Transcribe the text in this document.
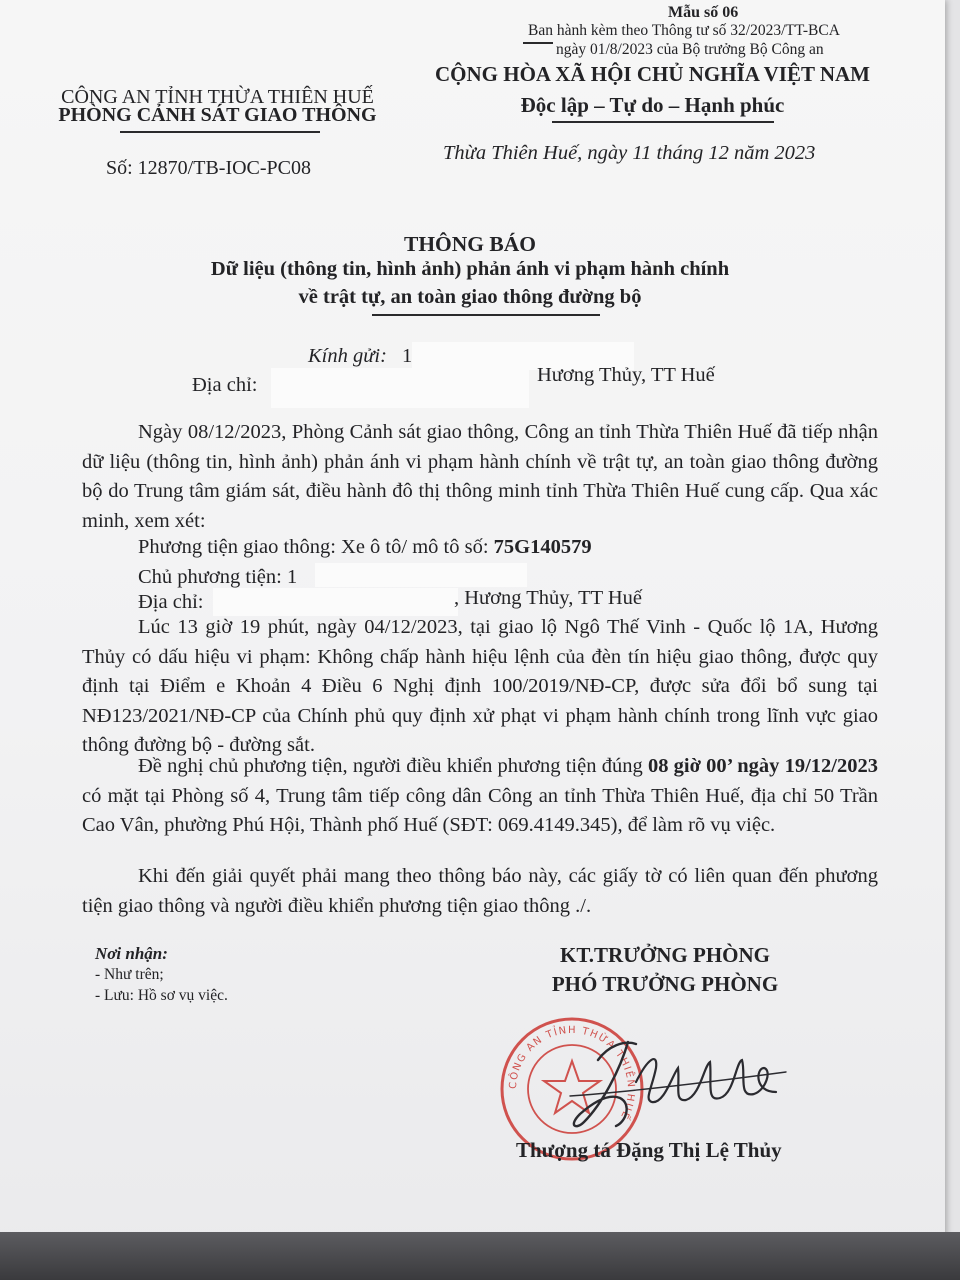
Mẫu số 06
Ban hành kèm theo Thông tư số 32/2023/TT-BCA
ngày 01/8/2023 của Bộ trưởng Bộ Công an
CÔNG AN TỈNH THỪA THIÊN HUẾ
PHÒNG CẢNH SÁT GIAO THÔNG
Số: 12870/TB-IOC-PC08
CỘNG HÒA XÃ HỘI CHỦ NGHĨA VIỆT NAM
Độc lập – Tự do – Hạnh phúc
Thừa Thiên Huế, ngày 11 tháng 12 năm 2023
THÔNG BÁO
Dữ liệu (thông tin, hình ảnh) phản ánh vi phạm hành chính
về trật tự, an toàn giao thông đường bộ
Kính gửi: 1
Địa chỉ:	Hương Thủy, TT Huế
Ngày 08/12/2023, Phòng Cảnh sát giao thông, Công an tỉnh Thừa Thiên Huế đã tiếp nhận dữ liệu (thông tin, hình ảnh) phản ánh vi phạm hành chính về trật tự, an toàn giao thông đường bộ do Trung tâm giám sát, điều hành đô thị thông minh tỉnh Thừa Thiên Huế cung cấp. Qua xác minh, xem xét:
Phương tiện giao thông: Xe ô tô/ mô tô số: 75G140579
Chủ phương tiện: 1
Địa chỉ:	, Hương Thủy, TT Huế
Lúc 13 giờ 19 phút, ngày 04/12/2023, tại giao lộ Ngô Thế Vinh - Quốc lộ 1A, Hương Thủy có dấu hiệu vi phạm: Không chấp hành hiệu lệnh của đèn tín hiệu giao thông, được quy định tại Điểm e Khoản 4 Điều 6 Nghị định 100/2019/NĐ-CP, được sửa đổi bổ sung tại NĐ123/2021/NĐ-CP của Chính phủ quy định xử phạt vi phạm hành chính trong lĩnh vực giao thông đường bộ - đường sắt.
Đề nghị chủ phương tiện, người điều khiển phương tiện đúng 08 giờ 00’ ngày 19/12/2023 có mặt tại Phòng số 4, Trung tâm tiếp công dân Công an tỉnh Thừa Thiên Huế, địa chỉ 50 Trần Cao Vân, phường Phú Hội, Thành phố Huế (SĐT: 069.4149.345), để làm rõ vụ việc.
Khi đến giải quyết phải mang theo thông báo này, các giấy tờ có liên quan đến phương tiện giao thông và người điều khiển phương tiện giao thông ./.
Nơi nhận:
- Như trên;
- Lưu: Hồ sơ vụ việc.
KT.TRƯỞNG PHÒNG
PHÓ TRƯỞNG PHÒNG
CÔNG AN TỈNH THỪA THIÊN HUẾ
Thượng tá Đặng Thị Lệ Thủy
